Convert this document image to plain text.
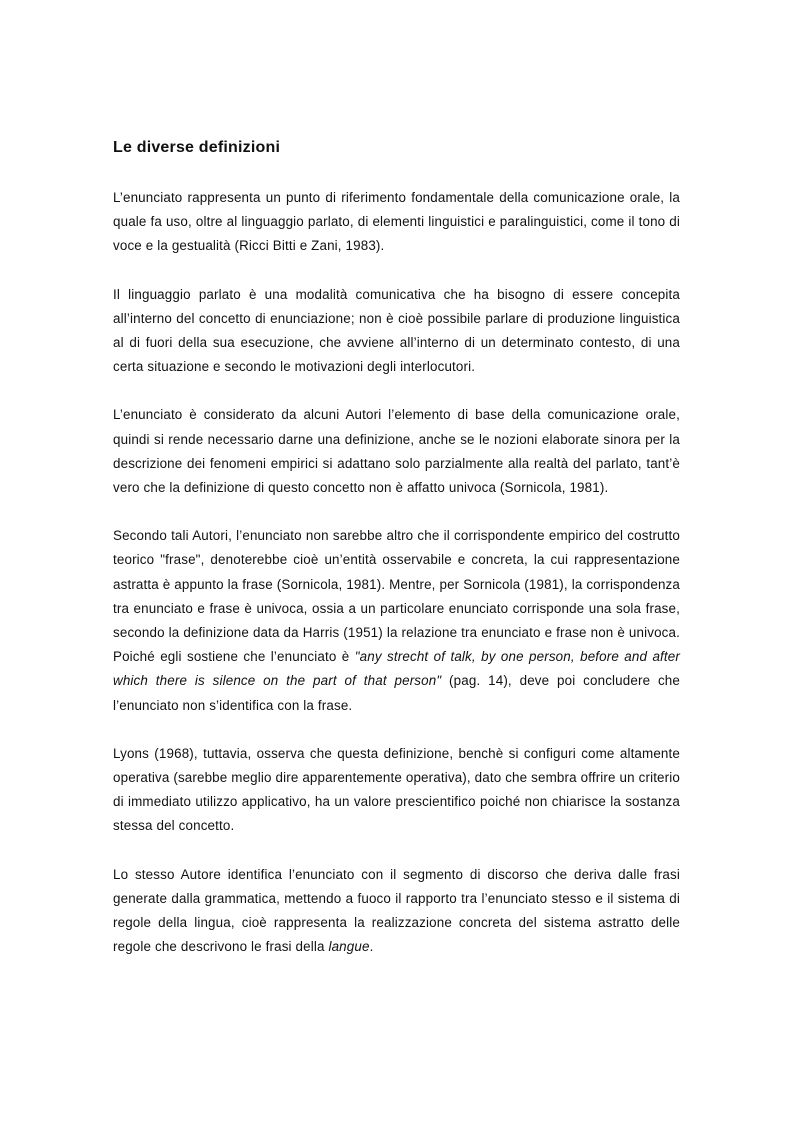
Le diverse definizioni

L’enunciato rappresenta un punto di riferimento fondamentale della comunicazione orale, la quale fa uso, oltre al linguaggio parlato, di elementi linguistici e paralinguistici, come il tono di voce e la gestualità (Ricci Bitti e Zani, 1983).

Il linguaggio parlato è una modalità comunicativa che ha bisogno di essere concepita all’interno del concetto di enunciazione; non è cioè possibile parlare di produzione linguistica al di fuori della sua esecuzione, che avviene all’interno di un determinato contesto, di una certa situazione e secondo le motivazioni degli interlocutori.

L’enunciato è considerato da alcuni Autori l’elemento di base della comunicazione orale, quindi si rende necessario darne una definizione, anche se le nozioni elaborate sinora per la descrizione dei fenomeni empirici si adattano solo parzialmente alla realtà del parlato, tant’è vero che la definizione di questo concetto non è affatto univoca (Sornicola, 1981).

Secondo tali Autori, l’enunciato non sarebbe altro che il corrispondente empirico del costrutto teorico "frase", denoterebbe cioè un’entità osservabile e concreta, la cui rappresentazione astratta è appunto la frase (Sornicola, 1981). Mentre, per Sornicola (1981), la corrispondenza tra enunciato e frase è univoca, ossia a un particolare enunciato corrisponde una sola frase, secondo la definizione data da Harris (1951) la relazione tra enunciato e frase non è univoca. Poiché egli sostiene che l’enunciato è "any strecht of talk, by one person, before and after which there is silence on the part of that person" (pag. 14), deve poi concludere che l’enunciato non s’identifica con la frase.

Lyons (1968), tuttavia, osserva che questa definizione, benchè si configuri come altamente operativa (sarebbe meglio dire apparentemente operativa), dato che sembra offrire un criterio di immediato utilizzo applicativo, ha un valore prescientifico poiché non chiarisce la sostanza stessa del concetto.

Lo stesso Autore identifica l’enunciato con il segmento di discorso che deriva dalle frasi generate dalla grammatica, mettendo a fuoco il rapporto tra l’enunciato stesso e il sistema di regole della lingua, cioè rappresenta la realizzazione concreta del sistema astratto delle regole che descrivono le frasi della langue.
